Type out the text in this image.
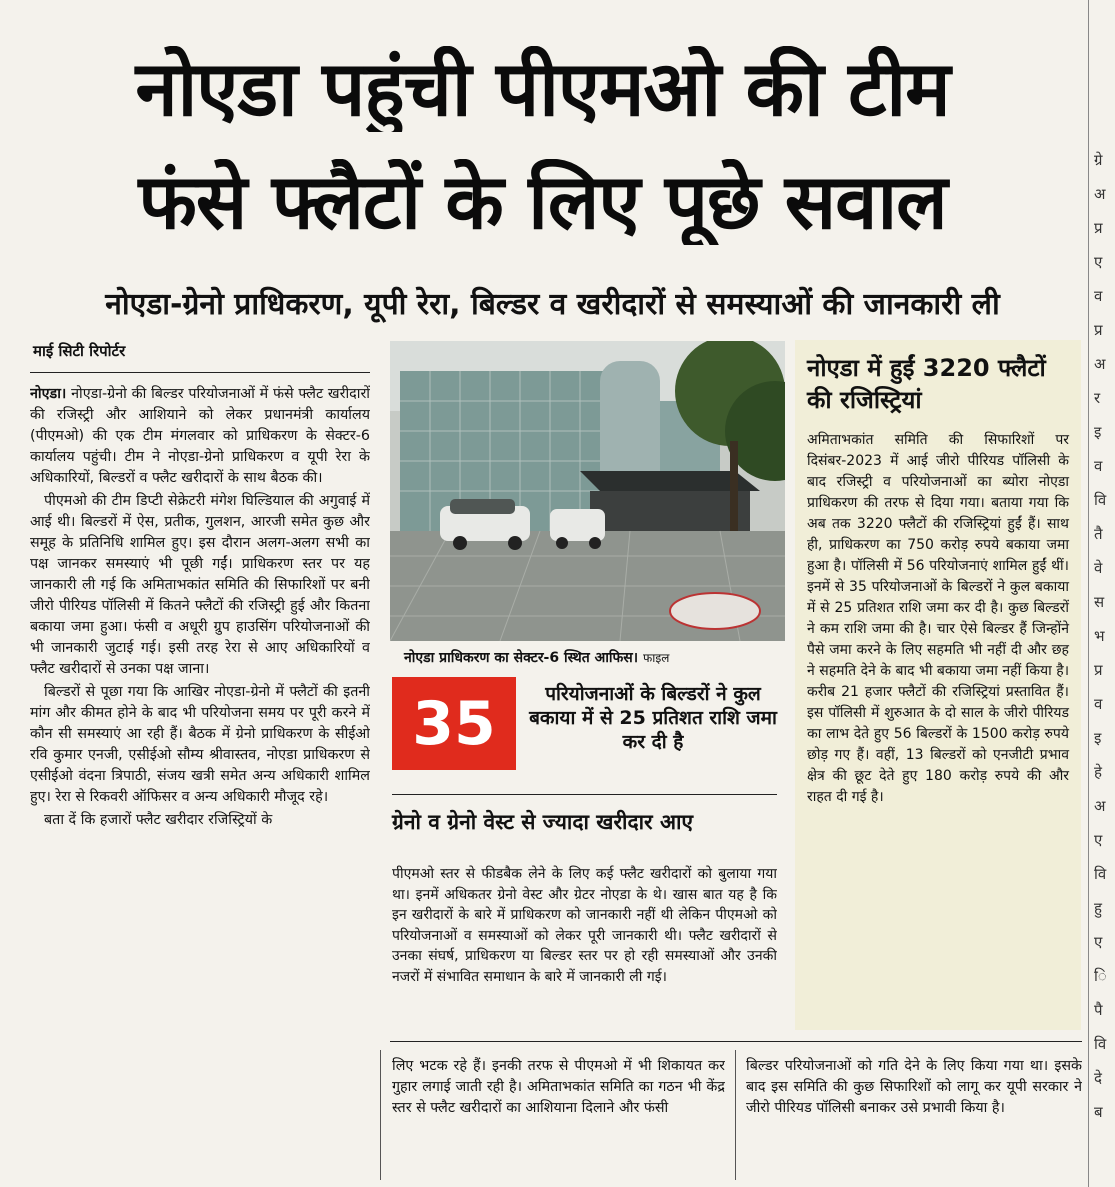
नोएडा पहुंची पीएमओ की टीम
फंसे फ्लैटों के लिए पूछे सवाल
नोएडा-ग्रेनो प्राधिकरण, यूपी रेरा, बिल्डर व खरीदारों से समस्याओं की जानकारी ली
माई सिटी रिपोर्टर

नोएडा। नोएडा-ग्रेनो की बिल्डर परियोजनाओं में फंसे फ्लैट खरीदारों की रजिस्ट्री और आशियाने को लेकर प्रधानमंत्री कार्यालय (पीएमओ) की एक टीम मंगलवार को प्राधिकरण के सेक्टर-6 कार्यालय पहुंची। टीम ने नोएडा-ग्रेनो प्राधिकरण व यूपी रेरा के अधिकारियों, बिल्डरों व फ्लैट खरीदारों के साथ बैठक की।

पीएमओ की टीम डिप्टी सेक्रेटरी मंगेश घिल्डियाल की अगुवाई में आई थी। बिल्डरों में ऐस, प्रतीक, गुलशन, आरजी समेत कुछ और समूह के प्रतिनिधि शामिल हुए। इस दौरान अलग-अलग सभी का पक्ष जानकर समस्याएं भी पूछी गईं। प्राधिकरण स्तर पर यह जानकारी ली गई कि अमिताभकांत समिति की सिफारिशों पर बनी जीरो पीरियड पॉलिसी में कितने फ्लैटों की रजिस्ट्री हुई और कितना बकाया जमा हुआ। फंसी व अधूरी ग्रुप हाउसिंग परियोजनाओं की भी जानकारी जुटाई गई। इसी तरह रेरा से आए अधिकारियों व फ्लैट खरीदारों से उनका पक्ष जाना।

बिल्डरों से पूछा गया कि आखिर नोएडा-ग्रेनो में फ्लैटों की इतनी मांग और कीमत होने के बाद भी परियोजना समय पर पूरी करने में कौन सी समस्याएं आ रही हैं। बैठक में ग्रेनो प्राधिकरण के सीईओ रवि कुमार एनजी, एसीईओ सौम्य श्रीवास्तव, नोएडा प्राधिकरण से एसीईओ वंदना त्रिपाठी, संजय खत्री समेत अन्य अधिकारी शामिल हुए। रेरा से रिकवरी ऑफिसर व अन्य अधिकारी मौजूद रहे।

बता दें कि हजारों फ्लैट खरीदार रजिस्ट्रियों के

नोएडा प्राधिकरण का सेक्टर-6 स्थित आफिस। फाइल
35	परियोजनाओं के बिल्डरों ने कुल बकाया में से 25 प्रतिशत राशि जमा कर दी है
ग्रेनो व ग्रेनो वेस्ट से ज्यादा खरीदार आए

पीएमओ स्तर से फीडबैक लेने के लिए कई फ्लैट खरीदारों को बुलाया गया था। इनमें अधिकतर ग्रेनो वेस्ट और ग्रेटर नोएडा के थे। खास बात यह है कि इन खरीदारों के बारे में प्राधिकरण को जानकारी नहीं थी लेकिन पीएमओ को परियोजनाओं व समस्याओं को लेकर पूरी जानकारी थी। फ्लैट खरीदारों से उनका संघर्ष, प्राधिकरण या बिल्डर स्तर पर हो रही समस्याओं और उनकी नजरों में संभावित समाधान के बारे में जानकारी ली गई।

नोएडा में हुईं 3220 फ्लैटों की रजिस्ट्रियां
अमिताभकांत समिति की सिफारिशों पर दिसंबर-2023 में आई जीरो पीरियड पॉलिसी के बाद रजिस्ट्री व परियोजनाओं का ब्योरा नोएडा प्राधिकरण की तरफ से दिया गया। बताया गया कि अब तक 3220 फ्लैटों की रजिस्ट्रियां हुईं हैं। साथ ही, प्राधिकरण का 750 करोड़ रुपये बकाया जमा हुआ है। पॉलिसी में 56 परियोजनाएं शामिल हुईं थीं। इनमें से 35 परियोजनाओं के बिल्डरों ने कुल बकाया में से 25 प्रतिशत राशि जमा कर दी है। कुछ बिल्डरों ने कम राशि जमा की है। चार ऐसे बिल्डर हैं जिन्होंने पैसे जमा करने के लिए सहमति भी नहीं दी और छह ने सहमति देने के बाद भी बकाया जमा नहीं किया है। करीब 21 हजार फ्लैटों की रजिस्ट्रियां प्रस्तावित हैं। इस पॉलिसी में शुरुआत के दो साल के जीरो पीरियड का लाभ देते हुए 56 बिल्डरों के 1500 करोड़ रुपये छोड़ गए हैं। वहीं, 13 बिल्डरों को एनजीटी प्रभाव क्षेत्र की छूट देते हुए 180 करोड़ रुपये की और राहत दी गई है।

लिए भटक रहे हैं। इनकी तरफ से पीएमओ में भी शिकायत कर गुहार लगाई जाती रही है। अमिताभकांत समिति का गठन भी केंद्र स्तर से फ्लैट खरीदारों का आशियाना दिलाने और फंसी

बिल्डर परियोजनाओं को गति देने के लिए किया गया था। इसके बाद इस समिति की कुछ सिफारिशों को लागू कर यूपी सरकार ने जीरो पीरियड पॉलिसी बनाकर उसे प्रभावी किया है।

ग्रे
अ
प्र
ए
व
प्र
अ
र
इ
व
वि
तै
वे
स
भ
प्र
व
इ
हे
अ
ए
वि
हु
ए
ि
पै
वि
दे
ब
